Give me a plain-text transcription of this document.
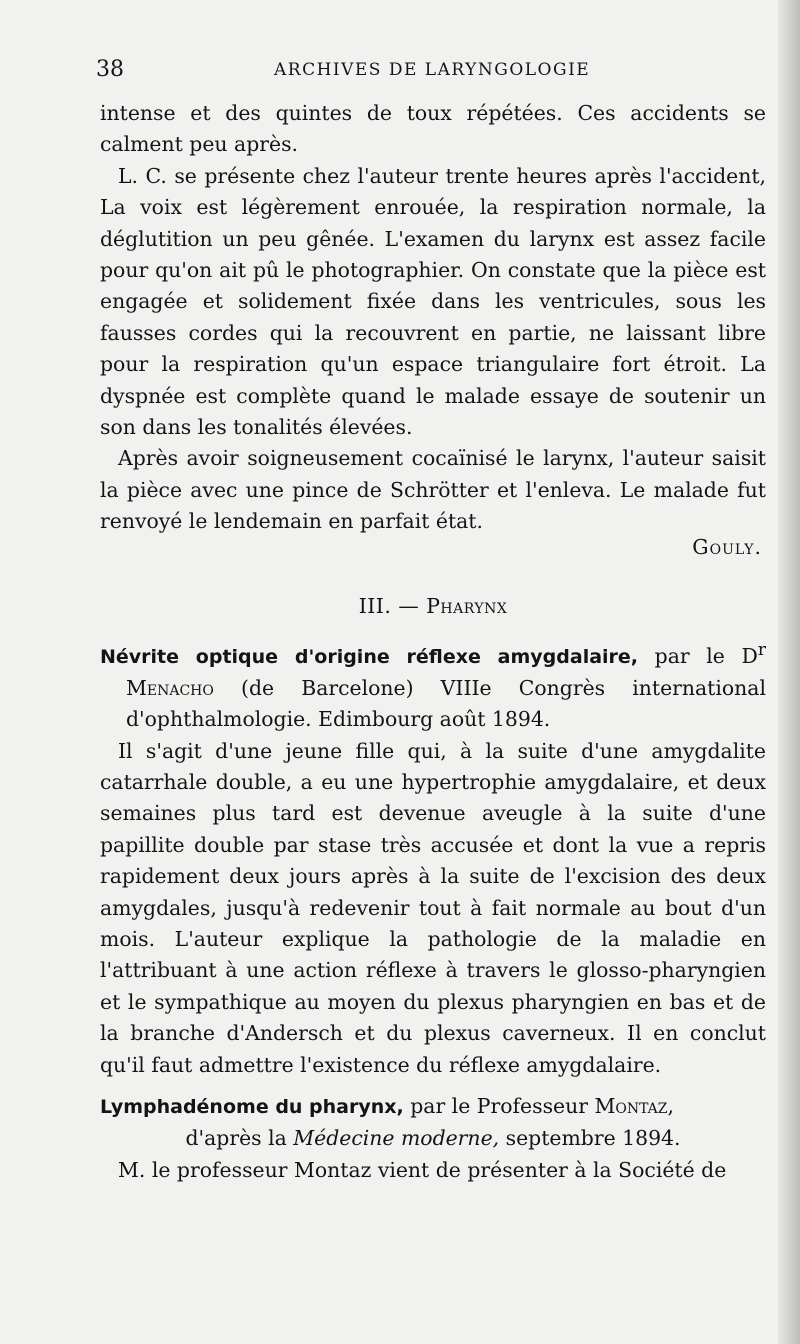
38	ARCHIVES DE LARYNGOLOGIE

intense et des quintes de toux répétées. Ces accidents se calment peu après.

L. C. se présente chez l'auteur trente heures après l'accident, La voix est légèrement enrouée, la respiration normale, la déglutition un peu gênée. L'examen du larynx est assez facile pour qu'on ait pû le photographier. On constate que la pièce est engagée et solidement fixée dans les ventricules, sous les fausses cordes qui la recouvrent en partie, ne laissant libre pour la respiration qu'un espace triangulaire fort étroit. La dyspnée est complète quand le malade essaye de soutenir un son dans les tonalités élevées.

Après avoir soigneusement cocaïnisé le larynx, l'auteur saisit la pièce avec une pince de Schrötter et l'enleva. Le malade fut renvoyé le lendemain en parfait état.

Gouly.

III. — Pharynx

Névrite optique d'origine réflexe amygdalaire, par le $D^r$ Menacho (de Barcelone) VIIIe Congrès international d'ophthalmologie. Edimbourg août 1894.

Il s'agit d'une jeune fille qui, à la suite d'une amygdalite catarrhale double, a eu une hypertrophie amygdalaire, et deux semaines plus tard est devenue aveugle à la suite d'une papillite double par stase très accusée et dont la vue a repris rapidement deux jours après à la suite de l'excision des deux amygdales, jusqu'à redevenir tout à fait normale au bout d'un mois. L'auteur explique la pathologie de la maladie en l'attribuant à une action réflexe à travers le glosso-pharyngien et le sympathique au moyen du plexus pharyngien en bas et de la branche d'Andersch et du plexus caverneux. Il en conclut qu'il faut admettre l'existence du réflexe amygdalaire.

Lymphadénome du pharynx, par le Professeur Montaz,

d'après la Médecine moderne, septembre 1894.

M. le professeur Montaz vient de présenter à la Société de
